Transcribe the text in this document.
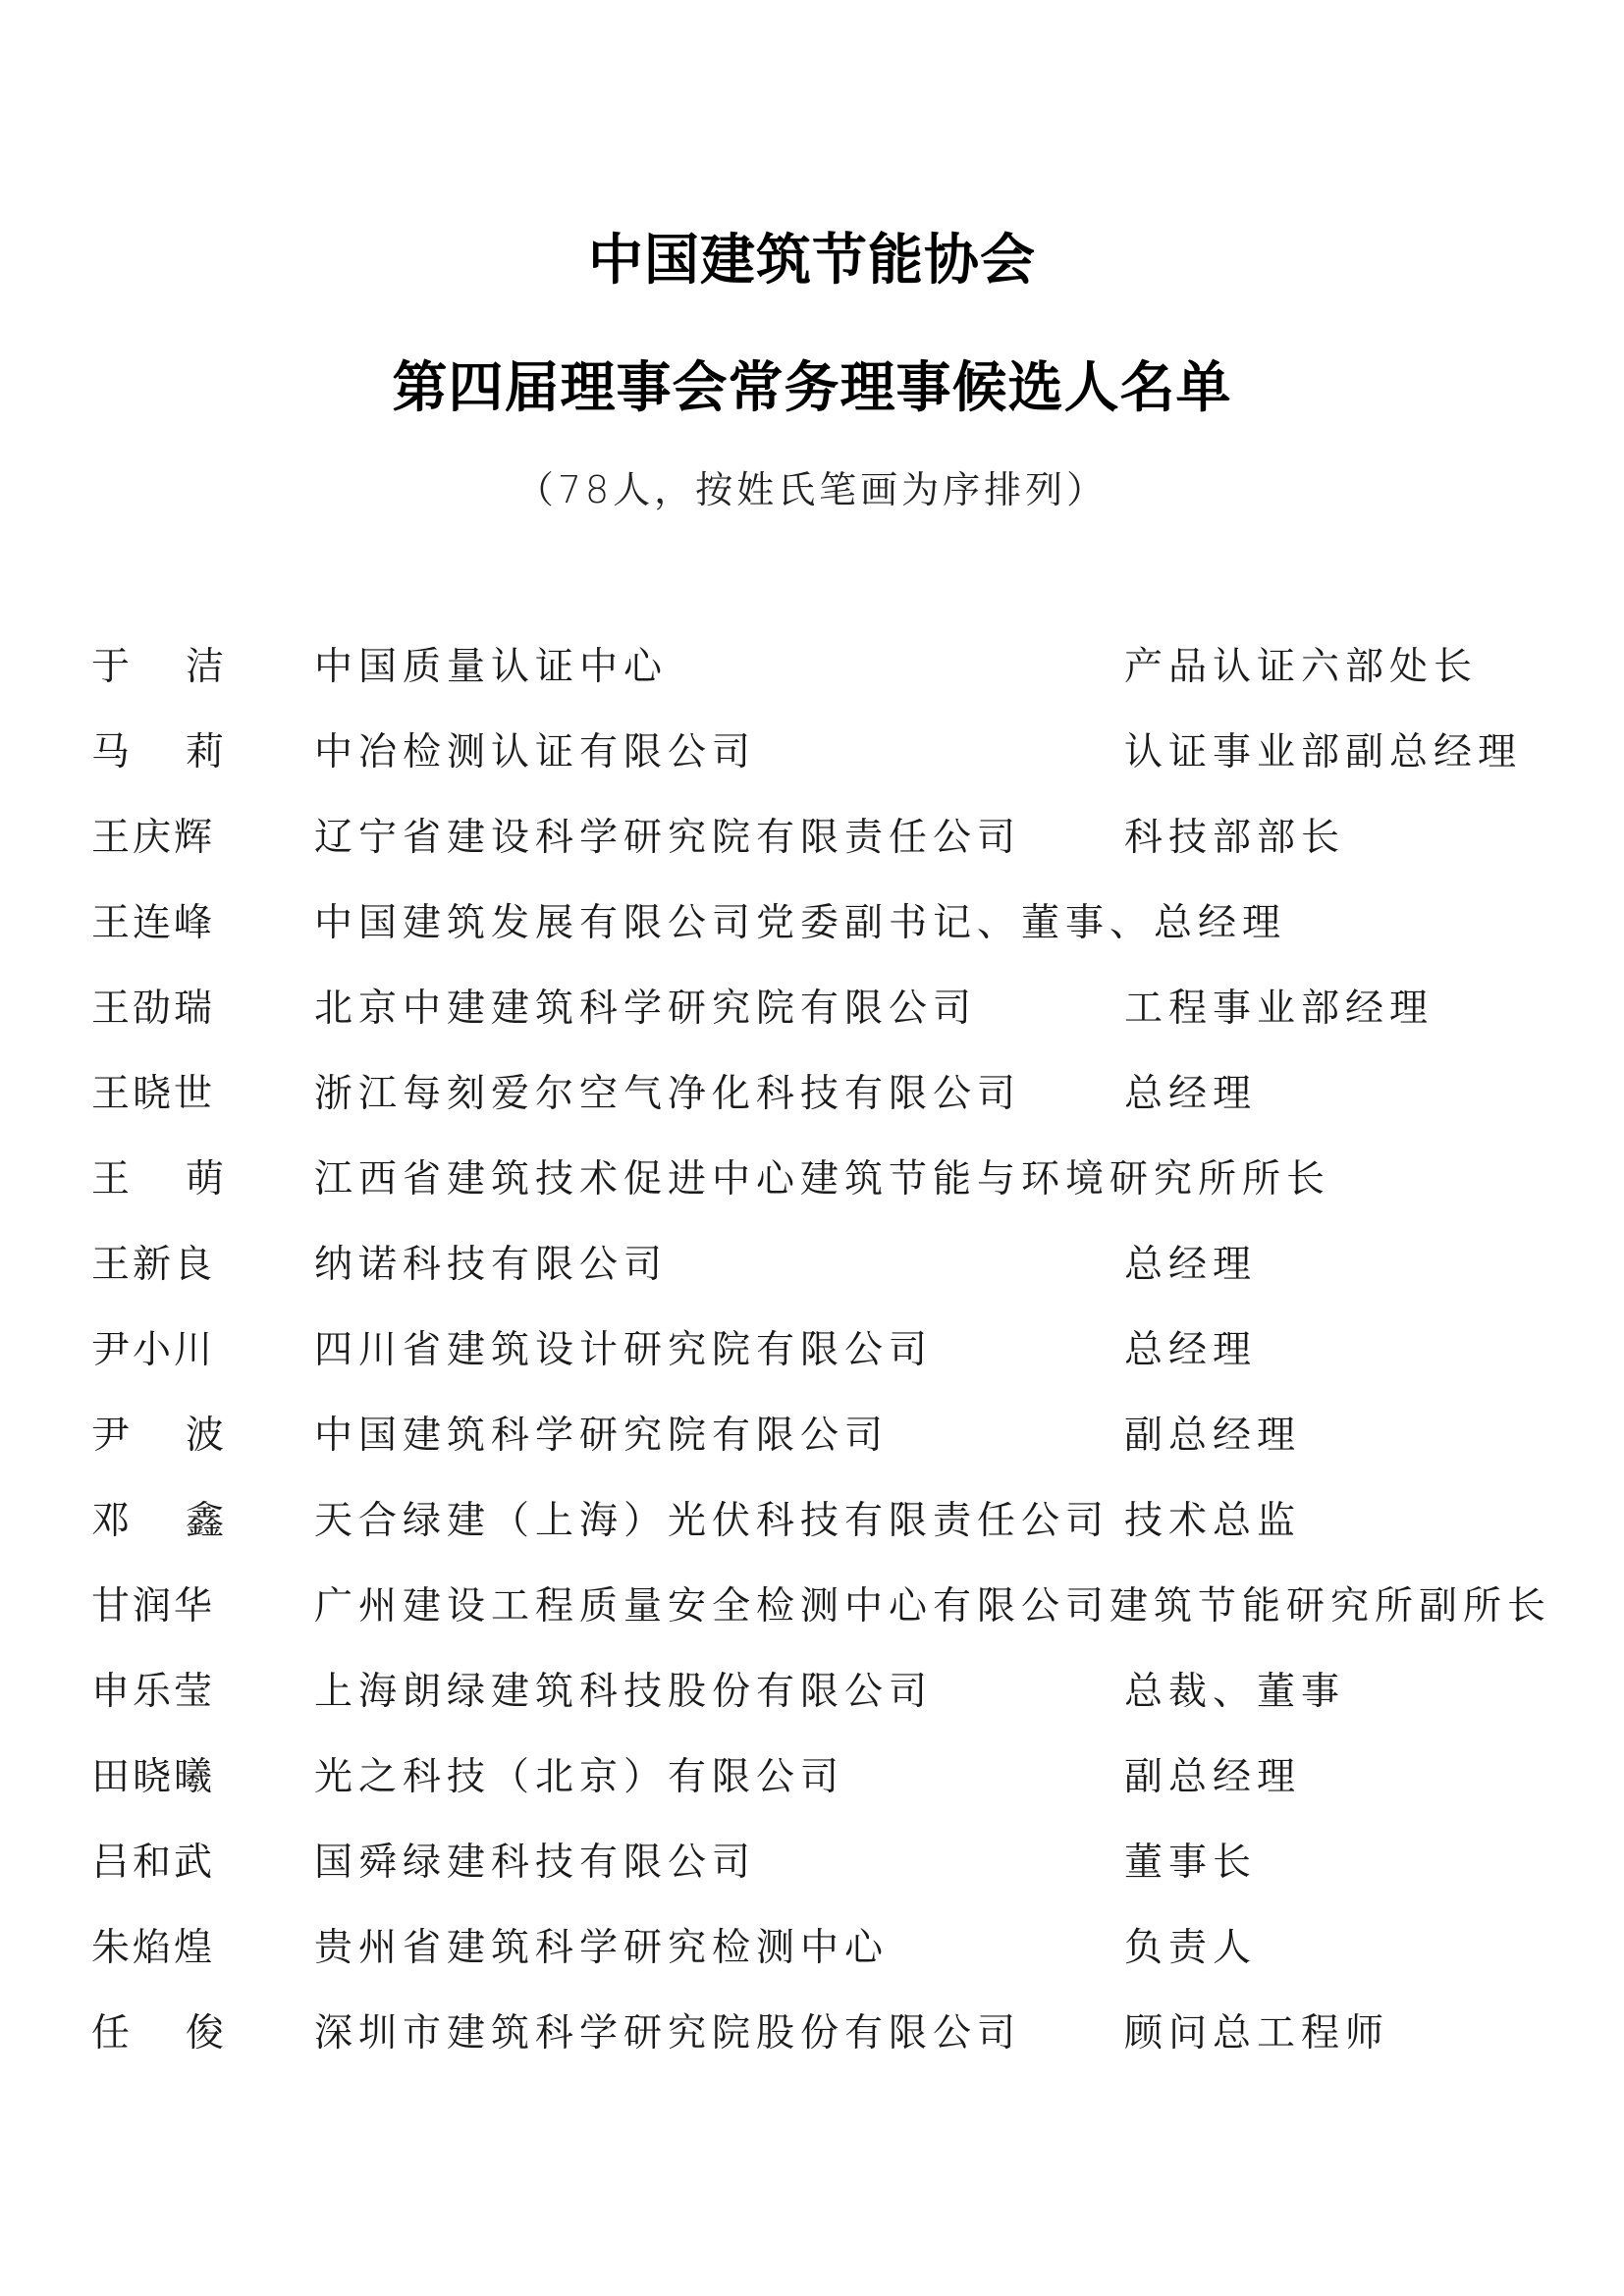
中国建筑节能协会
第四届理事会常务理事候选人名单
（78人，按姓氏笔画为序排列）
于 洁 中国质量认证中心	产品认证六部处长
马 莉 中冶检测认证有限公司	认证事业部副总经理
王庆辉	辽宁省建设科学研究院有限责任公司	科技部部长
王连峰	中国建筑发展有限公司党委副书记、董事、总经理
王劭瑞	北京中建建筑科学研究院有限公司	工程事业部经理
王晓世	浙江每刻爱尔空气净化科技有限公司	总经理
王 萌 江西省建筑技术促进中心建筑节能与环境研究所所长
王新良	纳诺科技有限公司	总经理
尹小川	四川省建筑设计研究院有限公司	总经理
尹 波 中国建筑科学研究院有限公司	副总经理
邓 鑫 天合绿建（上海）光伏科技有限责任公司 技术总监
甘润华	广州建设工程质量安全检测中心有限公司建筑节能研究所副所长
申乐莹	上海朗绿建筑科技股份有限公司	总裁、董事
田晓曦	光之科技（北京）有限公司	副总经理
吕和武	国舜绿建科技有限公司	董事长
朱焰煌	贵州省建筑科学研究检测中心	负责人
任 俊 深圳市建筑科学研究院股份有限公司	顾问总工程师
